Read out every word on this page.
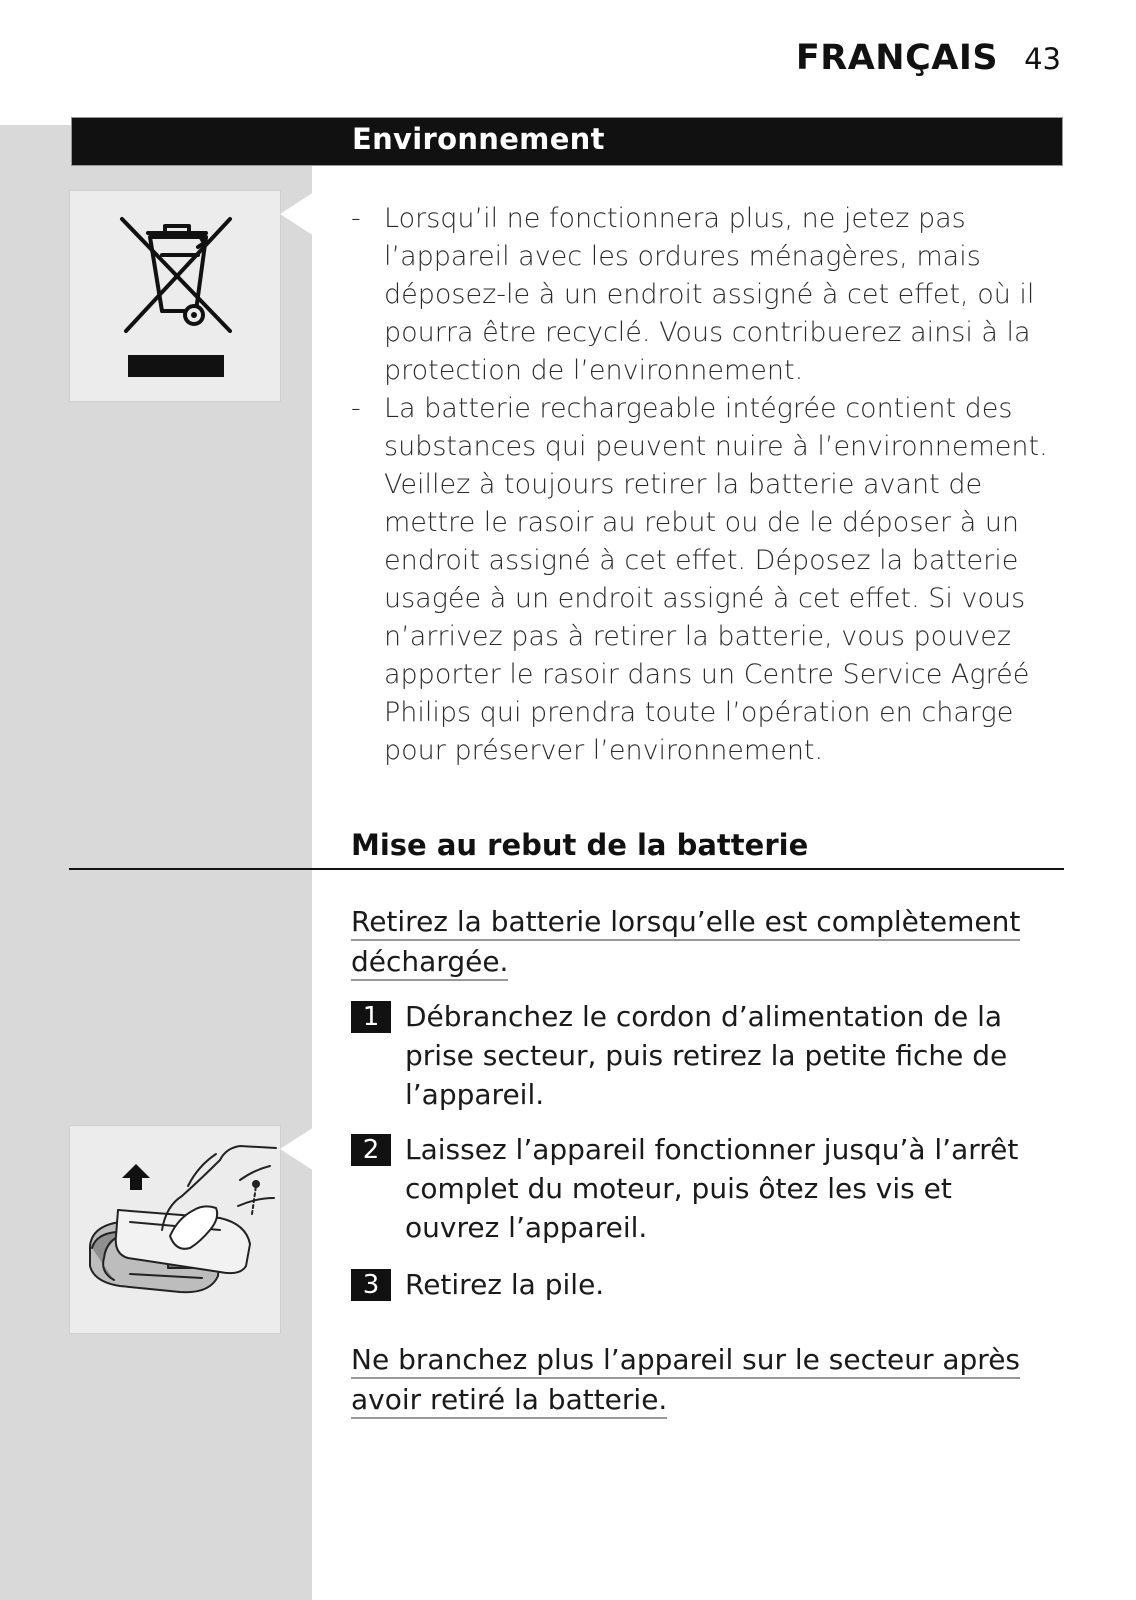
FRANÇAIS 43
Environnement

- Lorsqu’il ne fonctionnera plus, ne jetez pas l’appareil avec les ordures ménagères, mais déposez-le à un endroit assigné à cet effet, où il pourra être recyclé. Vous contribuerez ainsi à la protection de l’environnement.

- La batterie rechargeable intégrée contient des substances qui peuvent nuire à l’environnement. Veillez à toujours retirer la batterie avant de mettre le rasoir au rebut ou de le déposer à un endroit assigné à cet effet. Déposez la batterie usagée à un endroit assigné à cet effet. Si vous n’arrivez pas à retirer la batterie, vous pouvez apporter le rasoir dans un Centre Service Agréé Philips qui prendra toute l’opération en charge pour préserver l’environnement.

Mise au rebut de la batterie
Retirez la batterie lorsqu’elle est complètement déchargée.
1 Débranchez le cordon d’alimentation de la prise secteur, puis retirez la petite fiche de l’appareil.
2 Laissez l’appareil fonctionner jusqu’à l’arrêt complet du moteur, puis ôtez les vis et ouvrez l’appareil.
3 Retirez la pile.
Ne branchez plus l’appareil sur le secteur après avoir retiré la batterie.
